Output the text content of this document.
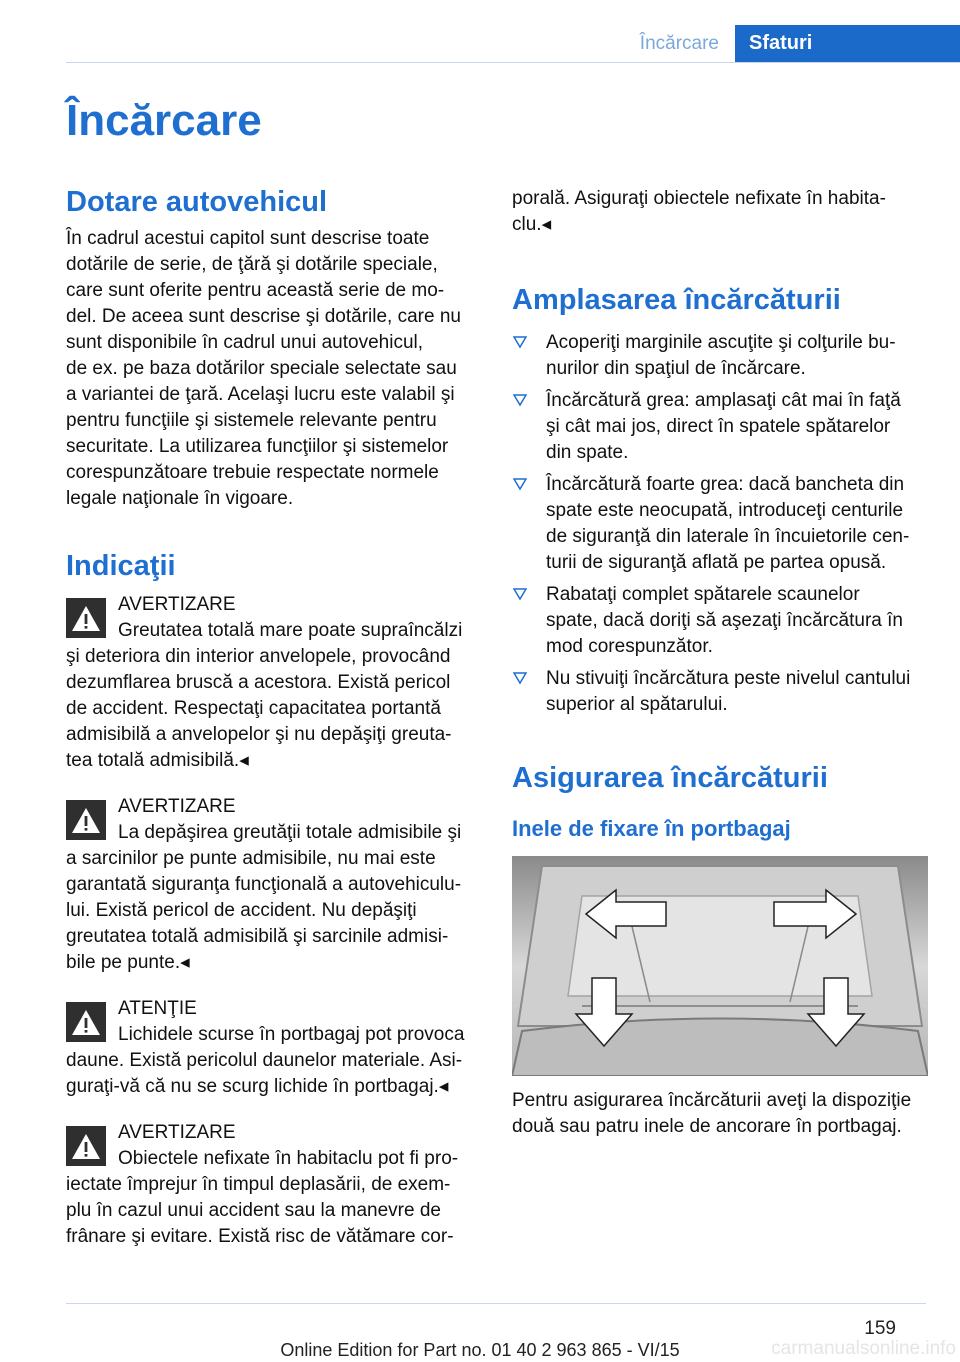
Încărcare	Sfaturi
Încărcare
Dotare autovehicul

În cadrul acestui capitol sunt descrise toate
dotările de serie, de ţără şi dotările speciale,
care sunt oferite pentru această serie de mo‐
del. De aceea sunt descrise şi dotările, care nu
sunt disponibile în cadrul unui autovehicul,
de ex. pe baza dotărilor speciale selectate sau
a variantei de ţară. Acelaşi lucru este valabil şi
pentru funcţiile şi sistemele relevante pentru
securitate. La utilizarea funcţiilor şi sistemelor
corespunzătoare trebuie respectate normele
legale naţionale în vigoare.

Indicaţii
AVERTIZARE
Greutatea totală mare poate supraîncălzi

şi deteriora din interior anvelopele, provocând
dezumflarea bruscă a acestora. Există pericol
de accident. Respectaţi capacitatea portantă
admisibilă a anvelopelor şi nu depăşiţi greuta‐
tea totală admisibilă.◂

AVERTIZARE
La depăşirea greutăţii totale admisibile şi

a sarcinilor pe punte admisibile, nu mai este
garantată siguranţa funcţională a autovehiculu‐
lui. Există pericol de accident. Nu depăşiţi
greutatea totală admisibilă şi sarcinile admisi‐
bile pe punte.◂

ATENŢIE
Lichidele scurse în portbagaj pot provoca

daune. Există pericolul daunelor materiale. Asi‐
guraţi-vă că nu se scurg lichide în portbagaj.◂

AVERTIZARE
Obiectele nefixate în habitaclu pot fi pro‐

iectate împrejur în timpul deplasării, de exem‐
plu în cazul unui accident sau la manevre de
frânare şi evitare. Există risc de vătămare cor‐

porală. Asiguraţi obiectele nefixate în habita‐
clu.◂

Amplasarea încărcăturii
Acoperiţi marginile ascuţite şi colţurile bu‐
nurilor din spaţiul de încărcare.
Încărcătură grea: amplasaţi cât mai în faţă
şi cât mai jos, direct în spatele spătarelor
din spate.
Încărcătură foarte grea: dacă bancheta din
spate este neocupată, introduceţi centurile
de siguranţă din laterale în încuietorile cen‐
turii de siguranţă aflată pe partea opusă.
Rabataţi complet spătarele scaunelor
spate, dacă doriţi să aşezaţi încărcătura în
mod corespunzător.
Nu stivuiţi încărcătura peste nivelul cantului
superior al spătarului.
Asigurarea încărcăturii
Inele de fixare în portbagaj

Pentru asigurarea încărcăturii aveţi la dispoziţie
două sau patru inele de ancorare în portbagaj.

159
Online Edition for Part no. 01 40 2 963 865 - VI/15	carmanualsonline.info
